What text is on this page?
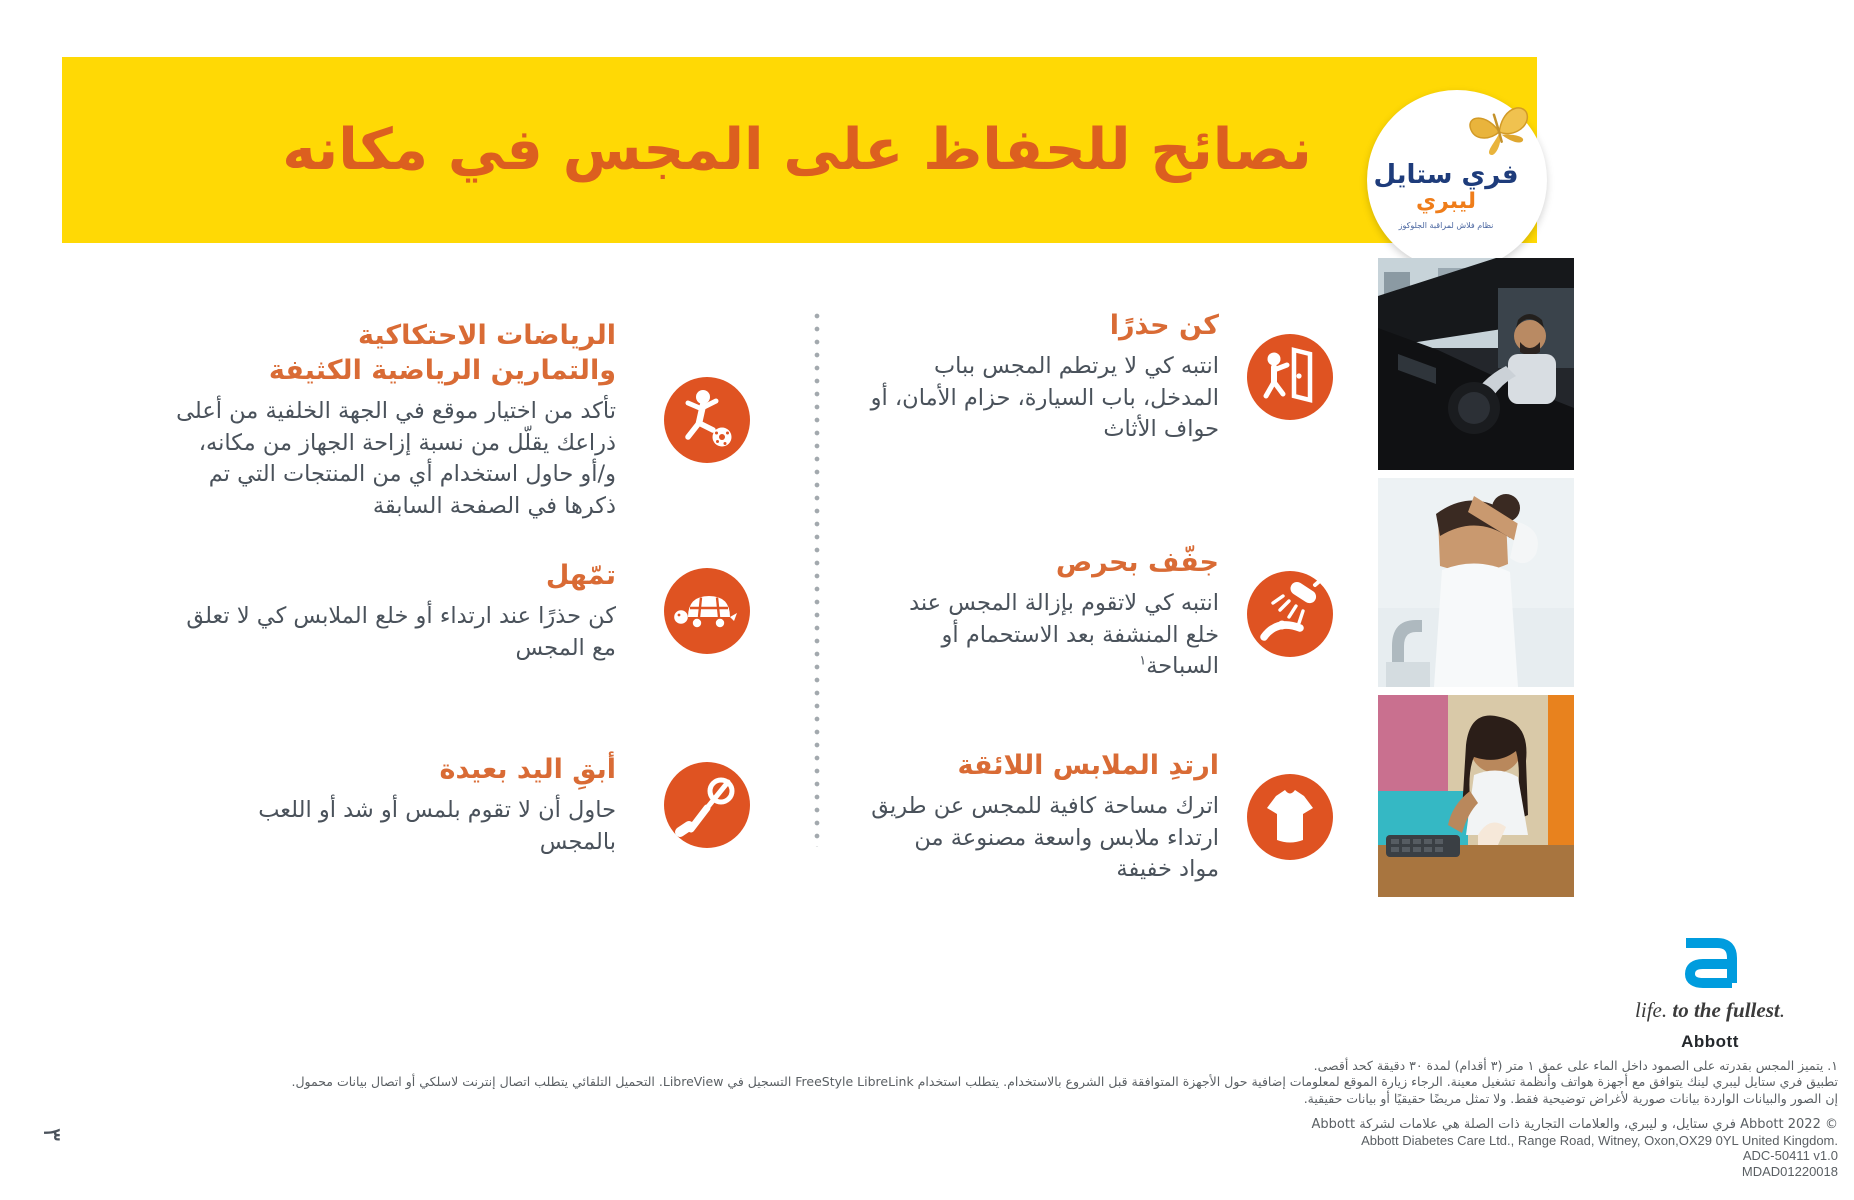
نصائح للحفاظ على المجس في مكانه	فري ستايل
ليبري
نظام فلاش لمراقبة الجلوكوز
كن حذرًا
انتبه كي لا يرتطم المجس بباب المدخل، باب السيارة، حزام الأمان، أو حواف الأثاث
جفّف بحرص
انتبه كي لاتقوم بإزالة المجس عند خلع المنشفة بعد الاستحمام أو السباحة$^١$
ارتدِ الملابس اللائقة
اترك مساحة كافية للمجس عن طريق ارتداء ملابس واسعة مصنوعة من مواد خفيفة
الرياضات الاحتكاكية والتمارين الرياضية الكثيفة
تأكد من اختيار موقع في الجهة الخلفية من أعلى ذراعك يقلّل من نسبة إزاحة الجهاز من مكانه، و/أو حاول استخدام أي من المنتجات التي تم ذكرها في الصفحة السابقة
تمّهل
كن حذرًا عند ارتداء أو خلع الملابس كي لا تعلق مع المجس
أبقِ اليد بعيدة
حاول أن لا تقوم بلمس أو شد أو اللعب بالمجس
life. to the fullest.
Abbott
١. يتميز المجس بقدرته على الصمود داخل الماء على عمق ١ متر (٣ أقدام) لمدة ٣٠ دقيقة كحد أقصى.
تطبيق فري ستايل ليبري لينك يتوافق مع أجهزة هواتف وأنظمة تشغيل معينة. الرجاء زيارة الموقع لمعلومات إضافية حول الأجهزة المتوافقة قبل الشروع بالاستخدام. يتطلب استخدام FreeStyle LibreLink التسجيل في LibreView. التحميل التلقائي يتطلب اتصال إنترنت لاسلكي أو اتصال بيانات محمول.
إن الصور والبيانات الواردة بيانات صورية لأغراض توضيحية فقط. ولا تمثل مريضًا حقيقيًا أو بيانات حقيقية.
© 2022 Abbott فري ستايل، و ليبري، والعلامات التجارية ذات الصلة هي علامات لشركة Abbott
Abbott Diabetes Care Ltd., Range Road, Witney, Oxon,OX29 0YL United Kingdom.
ADC-50411 v1.0
MDAD01220018
٣
